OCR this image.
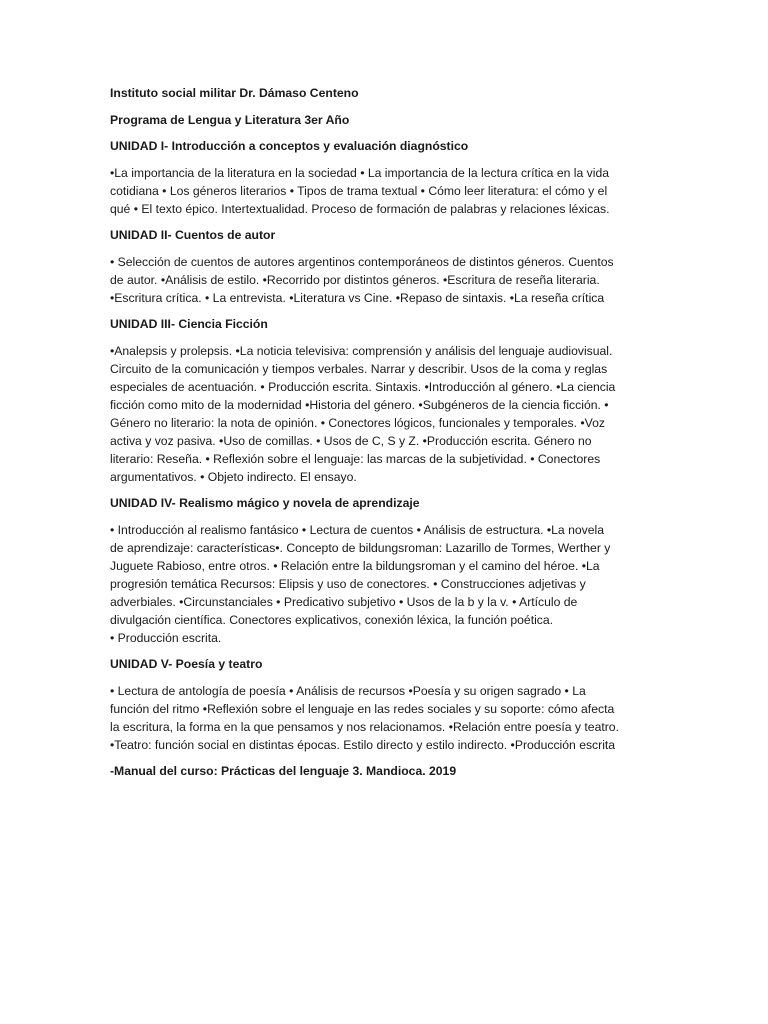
Instituto social militar Dr. Dámaso Centeno
Programa de Lengua y Literatura 3er Año
UNIDAD I- Introducción a conceptos y evaluación diagnóstico
•La importancia de la literatura en la sociedad • La importancia de la lectura crítica en la vida
cotidiana • Los géneros literarios • Tipos de trama textual • Cómo leer literatura: el cómo y el
qué • El texto épico. Intertextualidad. Proceso de formación de palabras y relaciones léxicas.
UNIDAD II- Cuentos de autor
• Selección de cuentos de autores argentinos contemporáneos de distintos géneros. Cuentos
de autor. •Análisis de estilo. •Recorrido por distintos géneros. •Escritura de reseña literaria.
•Escritura crítica. • La entrevista. •Literatura vs Cine. •Repaso de sintaxis. •La reseña crítica
UNIDAD III- Ciencia Ficción
•Analepsis y prolepsis. •La noticia televisiva: comprensión y análisis del lenguaje audiovisual.
Circuito de la comunicación y tiempos verbales. Narrar y describir. Usos de la coma y reglas
especiales de acentuación. • Producción escrita. Sintaxis. •Introducción al género. •La ciencia
ficción como mito de la modernidad •Historia del género. •Subgéneros de la ciencia ficción. •
Género no literario: la nota de opinión. • Conectores lógicos, funcionales y temporales. •Voz
activa y voz pasiva. •Uso de comillas. • Usos de C, S y Z. •Producción escrita. Género no
literario: Reseña. • Reflexión sobre el lenguaje: las marcas de la subjetividad. • Conectores
argumentativos. • Objeto indirecto. El ensayo.
UNIDAD IV- Realismo mágico y novela de aprendizaje
• Introducción al realismo fantásico • Lectura de cuentos • Análisis de estructura. •La novela
de aprendizaje: características•. Concepto de bildungsroman: Lazarillo de Tormes, Werther y
Juguete Rabioso, entre otros. • Relación entre la bildungsroman y el camino del héroe. •La
progresión temática Recursos: Elipsis y uso de conectores. • Construcciones adjetivas y
adverbiales. •Circunstanciales • Predicativo subjetivo • Usos de la b y la v. • Artículo de
divulgación científica. Conectores explicativos, conexión léxica, la función poética.
• Producción escrita.
UNIDAD V- Poesía y teatro
• Lectura de antología de poesía • Análisis de recursos •Poesía y su origen sagrado • La
función del ritmo •Reflexión sobre el lenguaje en las redes sociales y su soporte: cómo afecta
la escritura, la forma en la que pensamos y nos relacionamos. •Relación entre poesía y teatro.
•Teatro: función social en distintas épocas. Estilo directo y estilo indirecto. •Producción escrita
-Manual del curso: Prácticas del lenguaje 3. Mandioca. 2019
